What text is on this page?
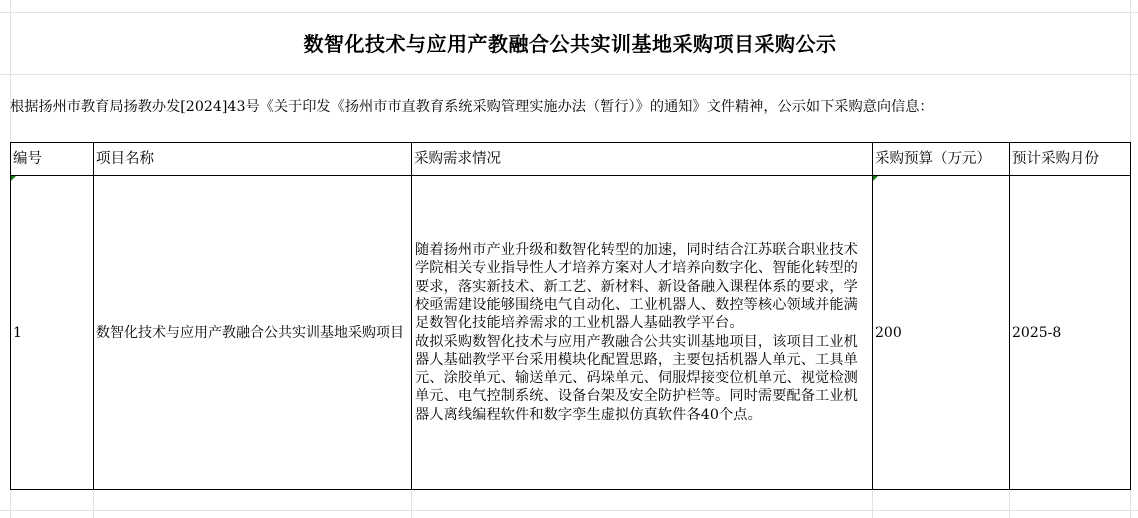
数智化技术与应用产教融合公共实训基地采购项目采购公示
根据扬州市教育局扬教办发[2024]43号《关于印发《扬州市市直教育系统采购管理实施办法（暂行）》的通知》文件精神，公示如下采购意向信息：
编号	项目名称	采购需求情况	采购预算（万元）	预计采购月份
1	数智化技术与应用产教融合公共实训基地采购项目	随着扬州市产业升级和数智化转型的加速，同时结合江苏联合职业技术学院相关专业指导性人才培养方案对人才培养向数字化、智能化转型的要求，落实新技术、新工艺、新材料、新设备融入课程体系的要求，学校亟需建设能够围绕电气自动化、工业机器人、数控等核心领域并能满足数智化技能培养需求的工业机器人基础教学平台。
故拟采购数智化技术与应用产教融合公共实训基地项目，该项目工业机器人基础教学平台采用模块化配置思路，主要包括机器人单元、工具单元、涂胶单元、输送单元、码垛单元、伺服焊接变位机单元、视觉检测单元、电气控制系统、设备台架及安全防护栏等。同时需要配备工业机器人离线编程软件和数字孪生虚拟仿真软件各40个点。	200	2025-8
